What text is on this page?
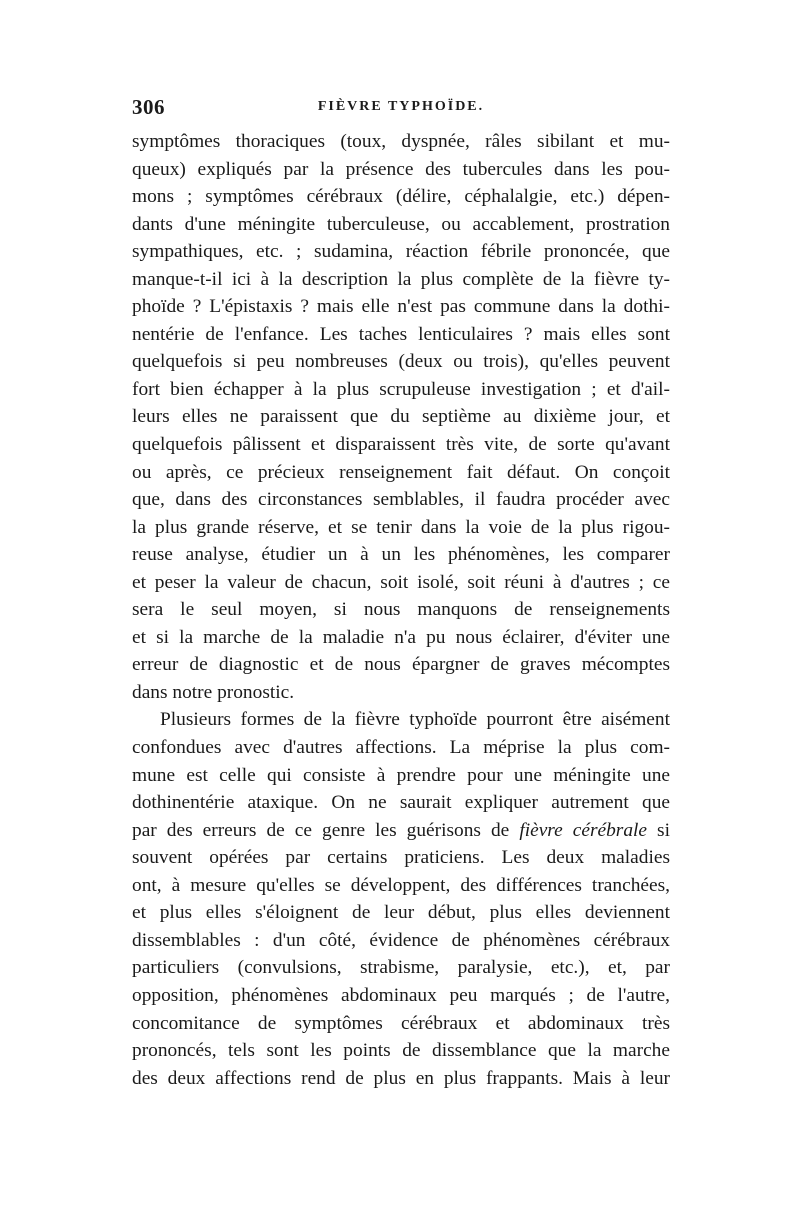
306	FIÈVRE TYPHOÏDE.
symptômes thoraciques (toux, dyspnée, râles sibilant et mu-
queux) expliqués par la présence des tubercules dans les pou-
mons ; symptômes cérébraux (délire, céphalalgie, etc.) dépen-
dants d'une méningite tuberculeuse, ou accablement, prostration
sympathiques, etc. ; sudamina, réaction fébrile prononcée, que
manque-t-il ici à la description la plus complète de la fièvre ty-
phoïde ? L'épistaxis ? mais elle n'est pas commune dans la dothi-
nentérie de l'enfance. Les taches lenticulaires ? mais elles sont
quelquefois si peu nombreuses (deux ou trois), qu'elles peuvent
fort bien échapper à la plus scrupuleuse investigation ; et d'ail-
leurs elles ne paraissent que du septième au dixième jour, et
quelquefois pâlissent et disparaissent très vite, de sorte qu'avant
ou après, ce précieux renseignement fait défaut. On conçoit
que, dans des circonstances semblables, il faudra procéder avec
la plus grande réserve, et se tenir dans la voie de la plus rigou-
reuse analyse, étudier un à un les phénomènes, les comparer
et peser la valeur de chacun, soit isolé, soit réuni à d'autres ; ce
sera le seul moyen, si nous manquons de renseignements
et si la marche de la maladie n'a pu nous éclairer, d'éviter une
erreur de diagnostic et de nous épargner de graves mécomptes
dans notre pronostic.
Plusieurs formes de la fièvre typhoïde pourront être aisément
confondues avec d'autres affections. La méprise la plus com-
mune est celle qui consiste à prendre pour une méningite une
dothinentérie ataxique. On ne saurait expliquer autrement que
par des erreurs de ce genre les guérisons de fièvre cérébrale si
souvent opérées par certains praticiens. Les deux maladies
ont, à mesure qu'elles se développent, des différences tranchées,
et plus elles s'éloignent de leur début, plus elles deviennent
dissemblables : d'un côté, évidence de phénomènes cérébraux
particuliers (convulsions, strabisme, paralysie, etc.), et, par
opposition, phénomènes abdominaux peu marqués ; de l'autre,
concomitance de symptômes cérébraux et abdominaux très
prononcés, tels sont les points de dissemblance que la marche
des deux affections rend de plus en plus frappants. Mais à leur
